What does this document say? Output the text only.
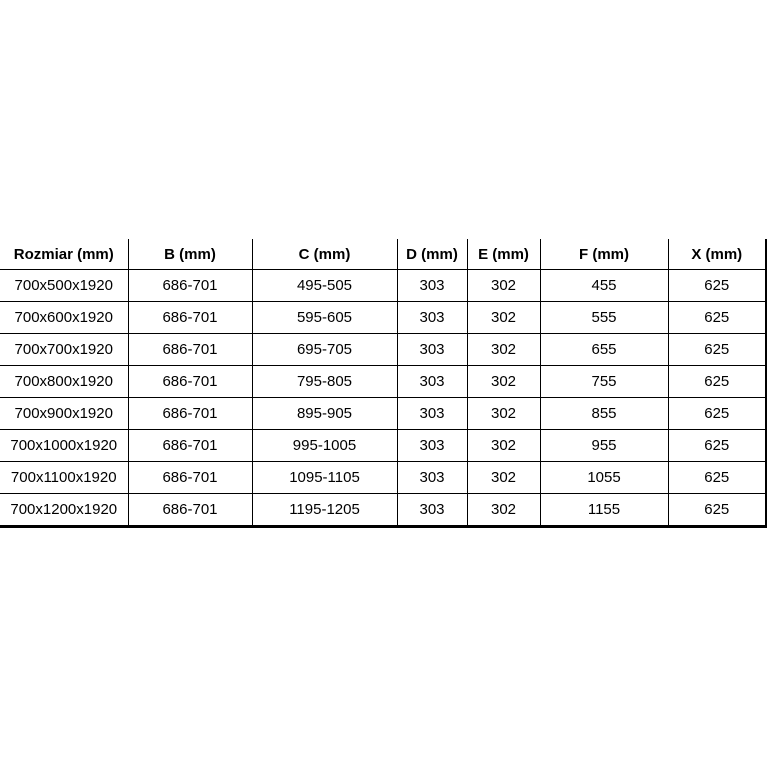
Rozmiar (mm)	B (mm)	C (mm)	D (mm)	E (mm)	F (mm)	X (mm)
700x500x1920	686-701	495-505	303	302	455	625
700x600x1920	686-701	595-605	303	302	555	625
700x700x1920	686-701	695-705	303	302	655	625
700x800x1920	686-701	795-805	303	302	755	625
700x900x1920	686-701	895-905	303	302	855	625
700x1000x1920	686-701	995-1005	303	302	955	625
700x1100x1920	686-701	1095-1105	303	302	1055	625
700x1200x1920	686-701	1195-1205	303	302	1155	625
